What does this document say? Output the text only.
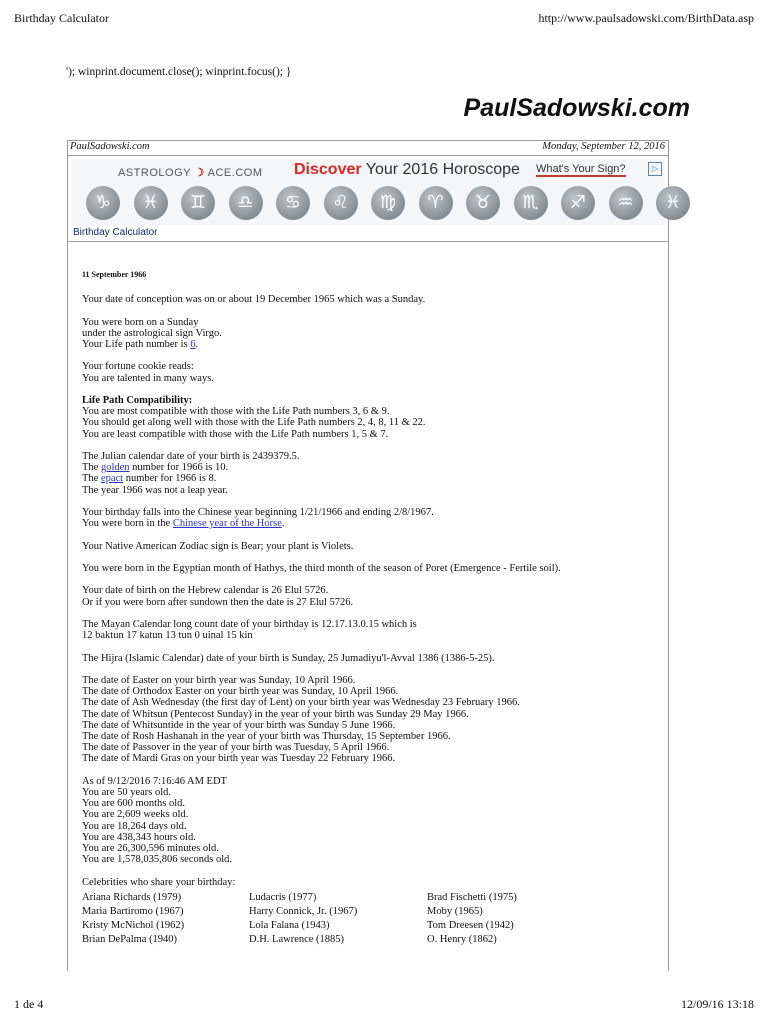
Birthday Calculator	http://www.paulsadowski.com/BirthData.asp
'); winprint.document.close(); winprint.focus(); }
PaulSadowski.com
PaulSadowski.com	Monday, September 12, 2016
ASTROLOGY ☽ ACE.COM Discover Your 2016 Horoscope What's Your Sign?	▷
♑	♓	♊	♎	♋	♌	♍	♈	♉	♏	♐	♒	♓
Birthday Calculator

11 September 1966

Your date of conception was on or about 19 December 1965 which was a Sunday.

You were born on a Sunday
under the astrological sign Virgo.
Your Life path number is 6.

Your fortune cookie reads:
You are talented in many ways.

Life Path Compatibility:
You are most compatible with those with the Life Path numbers 3, 6 & 9.
You should get along well with those with the Life Path numbers 2, 4, 8, 11 & 22.
You are least compatible with those with the Life Path numbers 1, 5 & 7.

The Julian calendar date of your birth is 2439379.5.
The golden number for 1966 is 10.
The epact number for 1966 is 8.
The year 1966 was not a leap year.

Your birthday falls into the Chinese year beginning 1/21/1966 and ending 2/8/1967.
You were born in the Chinese year of the Horse.

Your Native American Zodiac sign is Bear; your plant is Violets.

You were born in the Egyptian month of Hathys, the third month of the season of Poret (Emergence - Fertile soil).

Your date of birth on the Hebrew calendar is 26 Elul 5726.
Or if you were born after sundown then the date is 27 Elul 5726.

The Mayan Calendar long count date of your birthday is 12.17.13.0.15 which is
12 baktun 17 katun 13 tun 0 uinal 15 kin

The Hijra (Islamic Calendar) date of your birth is Sunday, 25 Jumadiyu'l-Avval 1386 (1386-5-25).

The date of Easter on your birth year was Sunday, 10 April 1966.
The date of Orthodox Easter on your birth year was Sunday, 10 April 1966.
The date of Ash Wednesday (the first day of Lent) on your birth year was Wednesday 23 February 1966.
The date of Whitsun (Pentecost Sunday) in the year of your birth was Sunday 29 May 1966.
The date of Whitsuntide in the year of your birth was Sunday 5 June 1966.
The date of Rosh Hashanah in the year of your birth was Thursday, 15 September 1966.
The date of Passover in the year of your birth was Tuesday, 5 April 1966.
The date of Mardi Gras on your birth year was Tuesday 22 February 1966.

As of 9/12/2016 7:16:46 AM EDT
You are 50 years old.
You are 600 months old.
You are 2,609 weeks old.
You are 18,264 days old.
You are 438,343 hours old.
You are 26,300,596 minutes old.
You are 1,578,035,806 seconds old.

Celebrities who share your birthday:
Ariana Richards (1979)	Ludacris (1977)	Brad Fischetti (1975)
Maria Bartiromo (1967)	Harry Connick, Jr. (1967)	Moby (1965)
Kristy McNichol (1962)	Lola Falana (1943)	Tom Dreesen (1942)
Brian DePalma (1940)	D.H. Lawrence (1885)	O. Henry (1862)
1 de 4	12/09/16 13:18
